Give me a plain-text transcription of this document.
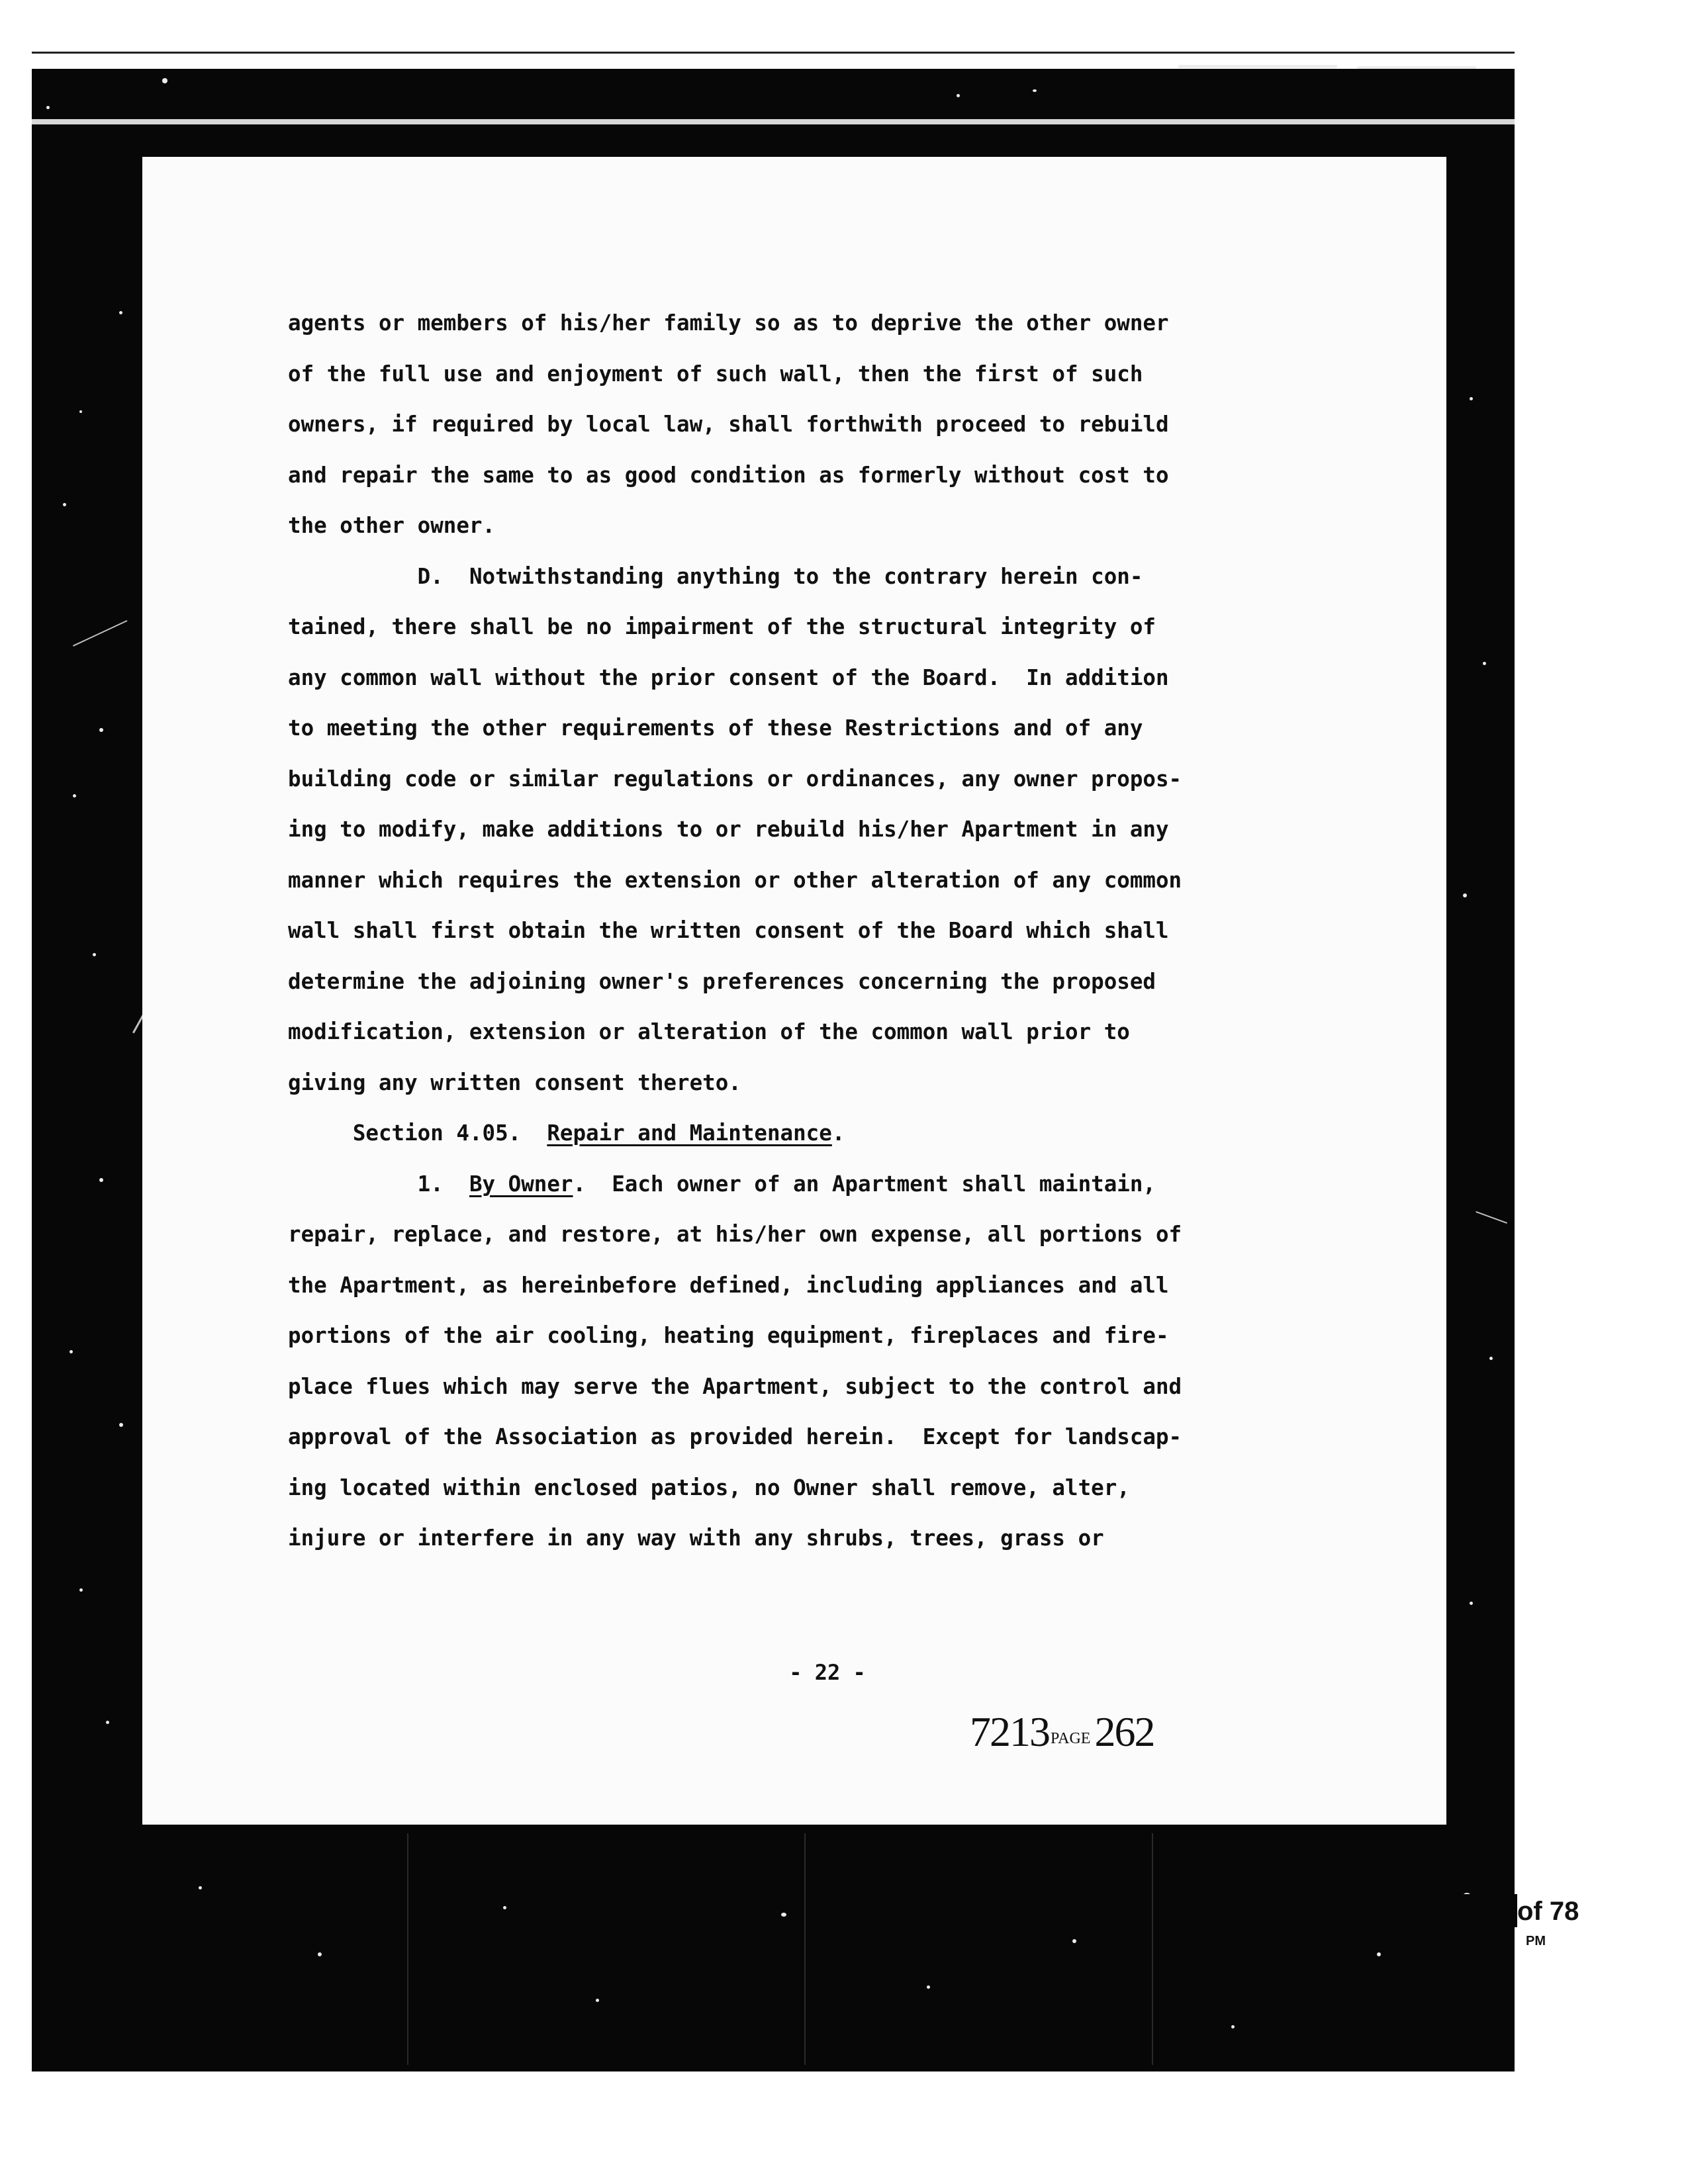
agents or members of his/her family so as to deprive the other owner
of the full use and enjoyment of such wall, then the first of such
owners, if required by local law, shall forthwith proceed to rebuild
and repair the same to as good condition as formerly without cost to
the other owner.
D.  Notwithstanding anything to the contrary herein con-
tained, there shall be no impairment of the structural integrity of
any common wall without the prior consent of the Board.  In addition
to meeting the other requirements of these Restrictions and of any
building code or similar regulations or ordinances, any owner propos-
ing to modify, make additions to or rebuild his/her Apartment in any
manner which requires the extension or other alteration of any common
wall shall first obtain the written consent of the Board which shall
determine the adjoining owner's preferences concerning the proposed
modification, extension or alteration of the common wall prior to
giving any written consent thereto.
Section 4.05.  Repair and Maintenance.
1.  By Owner.  Each owner of an Apartment shall maintain,
repair, replace, and restore, at his/her own expense, all portions of
the Apartment, as hereinbefore defined, including appliances and all
portions of the air cooling, heating equipment, fireplaces and fire-
place flues which may serve the Apartment, subject to the control and
approval of the Association as provided herein.  Except for landscap-
ing located within enclosed patios, no Owner shall remove, alter,
injure or interfere in any way with any shrubs, trees, grass or
- 22 -
7213PAGE262
of 78
PM
